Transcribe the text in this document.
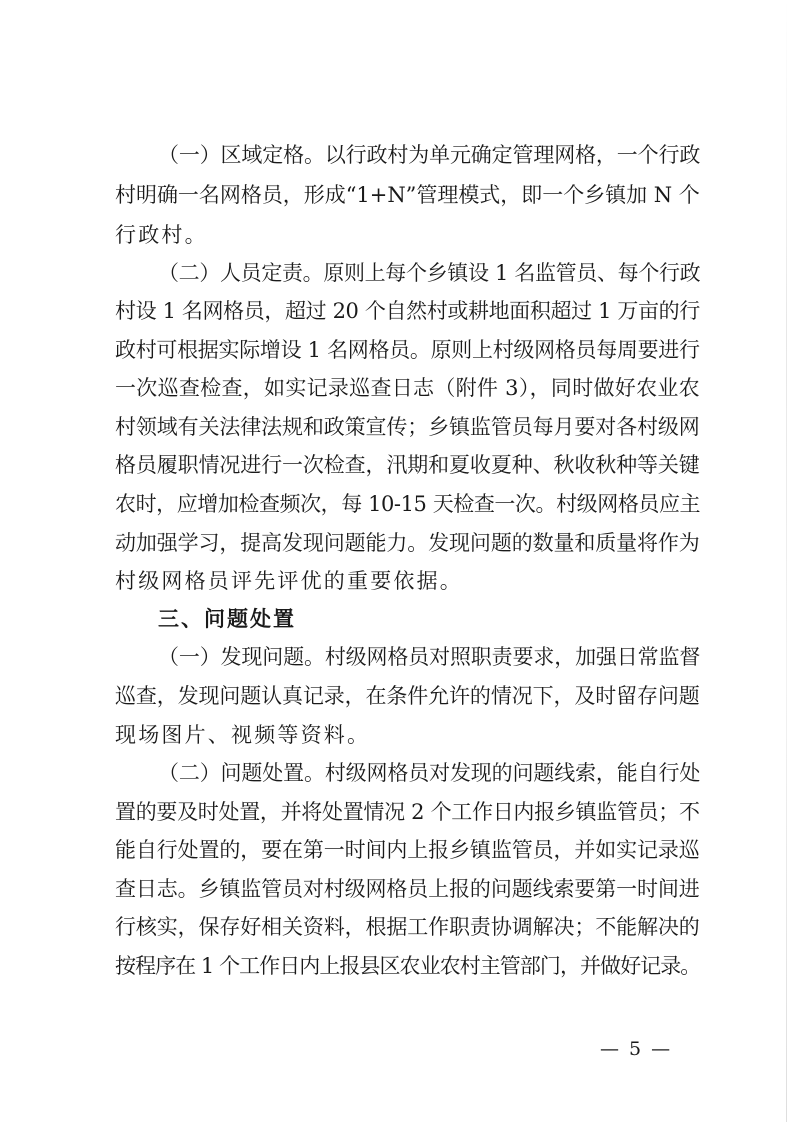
（一）区域定格。以行政村为单元确定管理网格，一个行政
村明确一名网格员，形成“1+N”管理模式，即一个乡镇加 N 个
行政村。
（二）人员定责。原则上每个乡镇设 1 名监管员、每个行政
村设 1 名网格员，超过 20 个自然村或耕地面积超过 1 万亩的行
政村可根据实际增设 1 名网格员。原则上村级网格员每周要进行
一次巡查检查，如实记录巡查日志（附件 3），同时做好农业农
村领域有关法律法规和政策宣传；乡镇监管员每月要对各村级网
格员履职情况进行一次检查，汛期和夏收夏种、秋收秋种等关键
农时，应增加检查频次，每 10-15 天检查一次。村级网格员应主
动加强学习，提高发现问题能力。发现问题的数量和质量将作为
村级网格员评先评优的重要依据。
三、问题处置
（一）发现问题。村级网格员对照职责要求，加强日常监督
巡查，发现问题认真记录，在条件允许的情况下，及时留存问题
现场图片、视频等资料。
（二）问题处置。村级网格员对发现的问题线索，能自行处
置的要及时处置，并将处置情况 2 个工作日内报乡镇监管员；不
能自行处置的，要在第一时间内上报乡镇监管员，并如实记录巡
查日志。乡镇监管员对村级网格员上报的问题线索要第一时间进
行核实，保存好相关资料，根据工作职责协调解决；不能解决的
按程序在 1 个工作日内上报县区农业农村主管部门，并做好记录。
— 5 —
